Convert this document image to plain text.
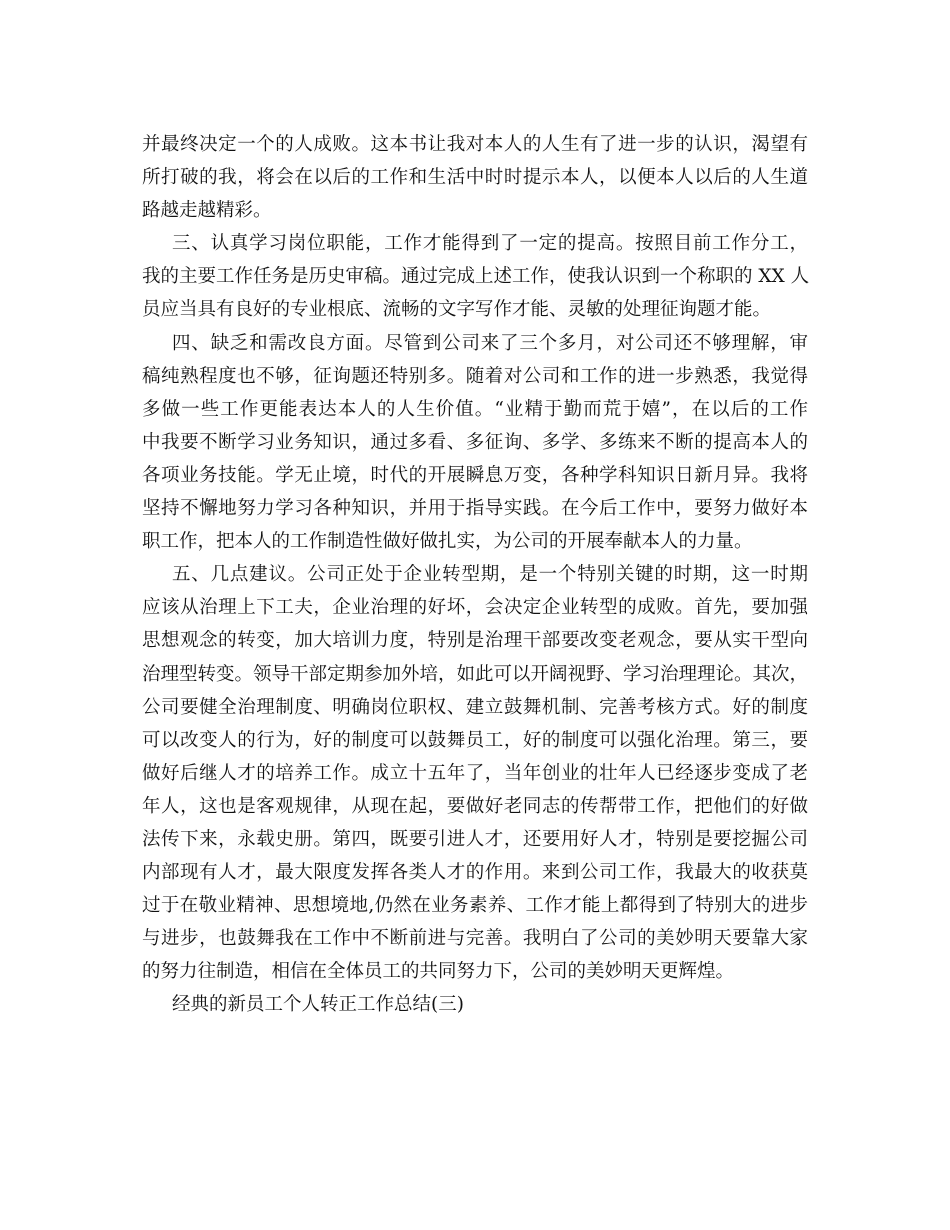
并最终决定一个的人成败。这本书让我对本人的人生有了进一步的认识，渴望有
所打破的我，将会在以后的工作和生活中时时提示本人，以便本人以后的人生道
路越走越精彩。
三、认真学习岗位职能，工作才能得到了一定的提高。按照目前工作分工，
我的主要工作任务是历史审稿。通过完成上述工作，使我认识到一个称职的 XX 人
员应当具有良好的专业根底、流畅的文字写作才能、灵敏的处理征询题才能。
四、缺乏和需改良方面。尽管到公司来了三个多月，对公司还不够理解，审
稿纯熟程度也不够，征询题还特别多。随着对公司和工作的进一步熟悉，我觉得
多做一些工作更能表达本人的人生价值。“业精于勤而荒于嬉”，在以后的工作
中我要不断学习业务知识，通过多看、多征询、多学、多练来不断的提高本人的
各项业务技能。学无止境，时代的开展瞬息万变，各种学科知识日新月异。我将
坚持不懈地努力学习各种知识，并用于指导实践。在今后工作中，要努力做好本
职工作，把本人的工作制造性做好做扎实，为公司的开展奉献本人的力量。
五、几点建议。公司正处于企业转型期，是一个特别关键的时期，这一时期
应该从治理上下工夫，企业治理的好坏，会决定企业转型的成败。首先，要加强
思想观念的转变，加大培训力度，特别是治理干部要改变老观念，要从实干型向
治理型转变。领导干部定期参加外培，如此可以开阔视野、学习治理理论。其次，
公司要健全治理制度、明确岗位职权、建立鼓舞机制、完善考核方式。好的制度
可以改变人的行为，好的制度可以鼓舞员工，好的制度可以强化治理。第三，要
做好后继人才的培养工作。成立十五年了，当年创业的壮年人已经逐步变成了老
年人，这也是客观规律，从现在起，要做好老同志的传帮带工作，把他们的好做
法传下来，永载史册。第四，既要引进人才，还要用好人才，特别是要挖掘公司
内部现有人才，最大限度发挥各类人才的作用。来到公司工作，我最大的收获莫
过于在敬业精神、思想境地,仍然在业务素养、工作才能上都得到了特别大的进步
与进步，也鼓舞我在工作中不断前进与完善。我明白了公司的美妙明天要靠大家
的努力往制造，相信在全体员工的共同努力下，公司的美妙明天更辉煌。
经典的新员工个人转正工作总结(三)
